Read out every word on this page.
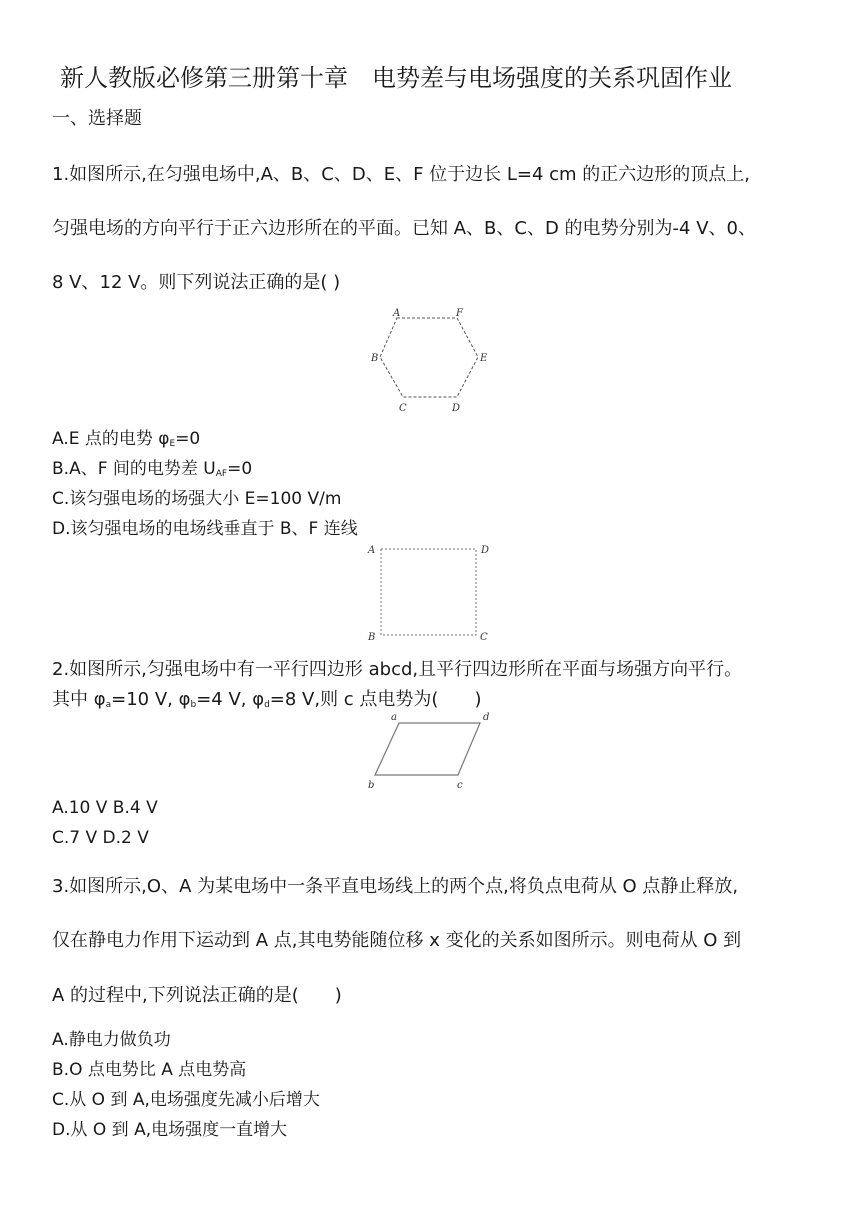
新人教版必修第三册第十章　电势差与电场强度的关系巩固作业
一、选择题
1.如图所示,在匀强电场中,A、B、C、D、E、F 位于边长 L=4 cm 的正六边形的顶点上,
匀强电场的方向平行于正六边形所在的平面。已知 A、B、C、D 的电势分别为-4 V、0、
8 V、12 V。则下列说法正确的是( )
A	F
B	E
C	D
A.E 点的电势 $\varphi_E=0$
B.A、F 间的电势差 $U_{AF}=0$
C.该匀强电场的场强大小 E=100 V/m
D.该匀强电场的电场线垂直于 B、F 连线
A	D
B	C
2.如图所示,匀强电场中有一平行四边形 abcd,且平行四边形所在平面与场强方向平行。
其中 $\varphi_a=10$ V, $\varphi_b=4$ V, $\varphi_d=8$ V,则 c 点电势为(　　)
a	d
b	c
A.10 V B.4 V
C.7 V D.2 V
3.如图所示,O、A 为某电场中一条平直电场线上的两个点,将负点电荷从 O 点静止释放,
仅在静电力作用下运动到 A 点,其电势能随位移 x 变化的关系如图所示。则电荷从 O 到
A 的过程中,下列说法正确的是(　　)
A.静电力做负功
B.O 点电势比 A 点电势高
C.从 O 到 A,电场强度先减小后增大
D.从 O 到 A,电场强度一直增大
